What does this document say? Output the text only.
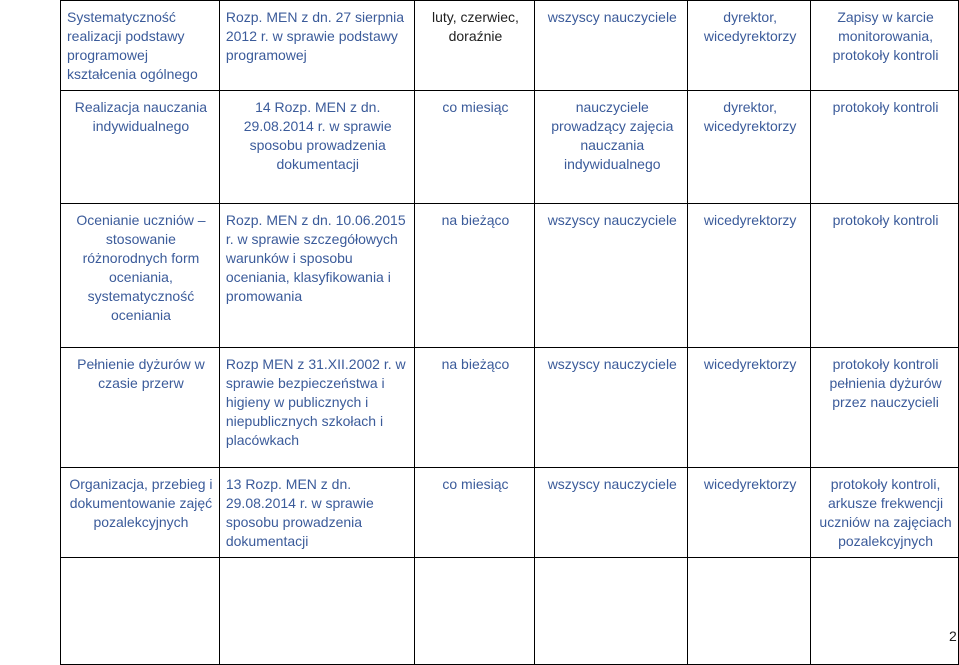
Systematyczność realizacji podstawy programowej kształcenia ogólnego	Rozp. MEN z dn. 27 sierpnia 2012 r. w sprawie podstawy programowej	luty, czerwiec, doraźnie	wszyscy nauczyciele	dyrektor, wicedyrektorzy	Zapisy w karcie monitorowania, protokoły kontroli
Realizacja nauczania indywidualnego	14 Rozp. MEN z dn. 29.08.2014 r. w sprawie sposobu prowadzenia dokumentacji	co miesiąc	nauczyciele prowadzący zajęcia nauczania indywidualnego	dyrektor, wicedyrektorzy	protokoły kontroli
Ocenianie uczniów – stosowanie różnorodnych form oceniania, systematyczność oceniania	Rozp. MEN z dn. 10.06.2015 r. w sprawie szczegółowych warunków i sposobu oceniania, klasyfikowania i promowania	na bieżąco	wszyscy nauczyciele	wicedyrektorzy	protokoły kontroli
Pełnienie dyżurów w czasie przerw	Rozp MEN z 31.XII.2002 r. w sprawie bezpieczeństwa i higieny w publicznych i niepublicznych szkołach i placówkach	na bieżąco	wszyscy nauczyciele	wicedyrektorzy	protokoły kontroli pełnienia dyżurów przez nauczycieli
Organizacja, przebieg i dokumentowanie zajęć pozalekcyjnych	13 Rozp. MEN z dn. 29.08.2014 r. w sprawie sposobu prowadzenia dokumentacji	co miesiąc	wszyscy nauczyciele	wicedyrektorzy	protokoły kontroli, arkusze frekwencji uczniów na zajęciach pozalekcyjnych

2
